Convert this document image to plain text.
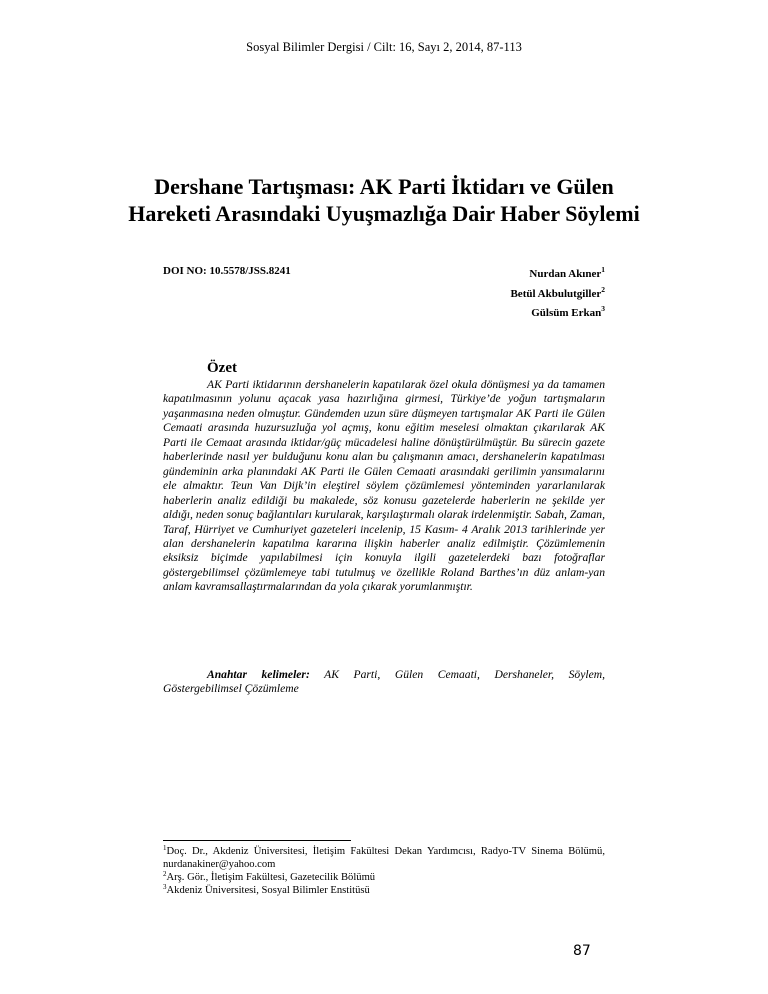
Sosyal Bilimler Dergisi / Cilt: 16, Sayı 2, 2014, 87-113
Dershane Tartışması: AK Parti İktidarı ve Gülen Hareketi Arasındaki Uyuşmazlığa Dair Haber Söylemi
DOI NO: 10.5578/JSS.8241	Nurdan Akıner$^1$
Betül Akbulutgiller$^2$
Gülsüm Erkan$^3$
Özet

AK Parti iktidarının dershanelerin kapatılarak özel okula dönüşmesi ya da tamamen kapatılmasının yolunu açacak yasa hazırlığına girmesi, Türkiye’de yoğun tartışmaların yaşanmasına neden olmuştur. Gündemden uzun süre düşmeyen tartışmalar AK Parti ile Gülen Cemaati arasında huzursuzluğa yol açmış, konu eğitim meselesi olmaktan çıkarılarak AK Parti ile Cemaat arasında iktidar/güç mücadelesi haline dönüştürülmüştür. Bu sürecin gazete haberlerinde nasıl yer bulduğunu konu alan bu çalışmanın amacı, dershanelerin kapatılması gündeminin arka planındaki AK Parti ile Gülen Cemaati arasındaki gerilimin yansımalarını ele almaktır. Teun Van Dijk’in eleştirel söylem çözümlemesi yönteminden yararlanılarak haberlerin analiz edildiği bu makalede, söz konusu gazetelerde haberlerin ne şekilde yer aldığı, neden sonuç bağlantıları kurularak, karşılaştırmalı olarak irdelenmiştir. Sabah, Zaman, Taraf, Hürriyet ve Cumhuriyet gazeteleri incelenip, 15 Kasım- 4 Aralık 2013 tarihlerinde yer alan dershanelerin kapatılma kararına ilişkin haberler analiz edilmiştir. Çözümlemenin eksiksiz biçimde yapılabilmesi için konuyla ilgili gazetelerdeki bazı fotoğraflar göstergebilimsel çözümlemeye tabi tutulmuş ve özellikle Roland Barthes’ın düz anlam-yan anlam kavramsallaştırmalarından da yola çıkarak yorumlanmıştır.

Anahtar kelimeler: AK Parti, Gülen Cemaati, Dershaneler, Söylem, Göstergebilimsel Çözümleme

$^1$Doç. Dr., Akdeniz Üniversitesi, İletişim Fakültesi Dekan Yardımcısı, Radyo-TV Sinema Bölümü, nurdanakiner@yahoo.com

$^2$Arş. Gör., İletişim Fakültesi, Gazetecilik Bölümü

$^3$Akdeniz Üniversitesi, Sosyal Bilimler Enstitüsü

87
